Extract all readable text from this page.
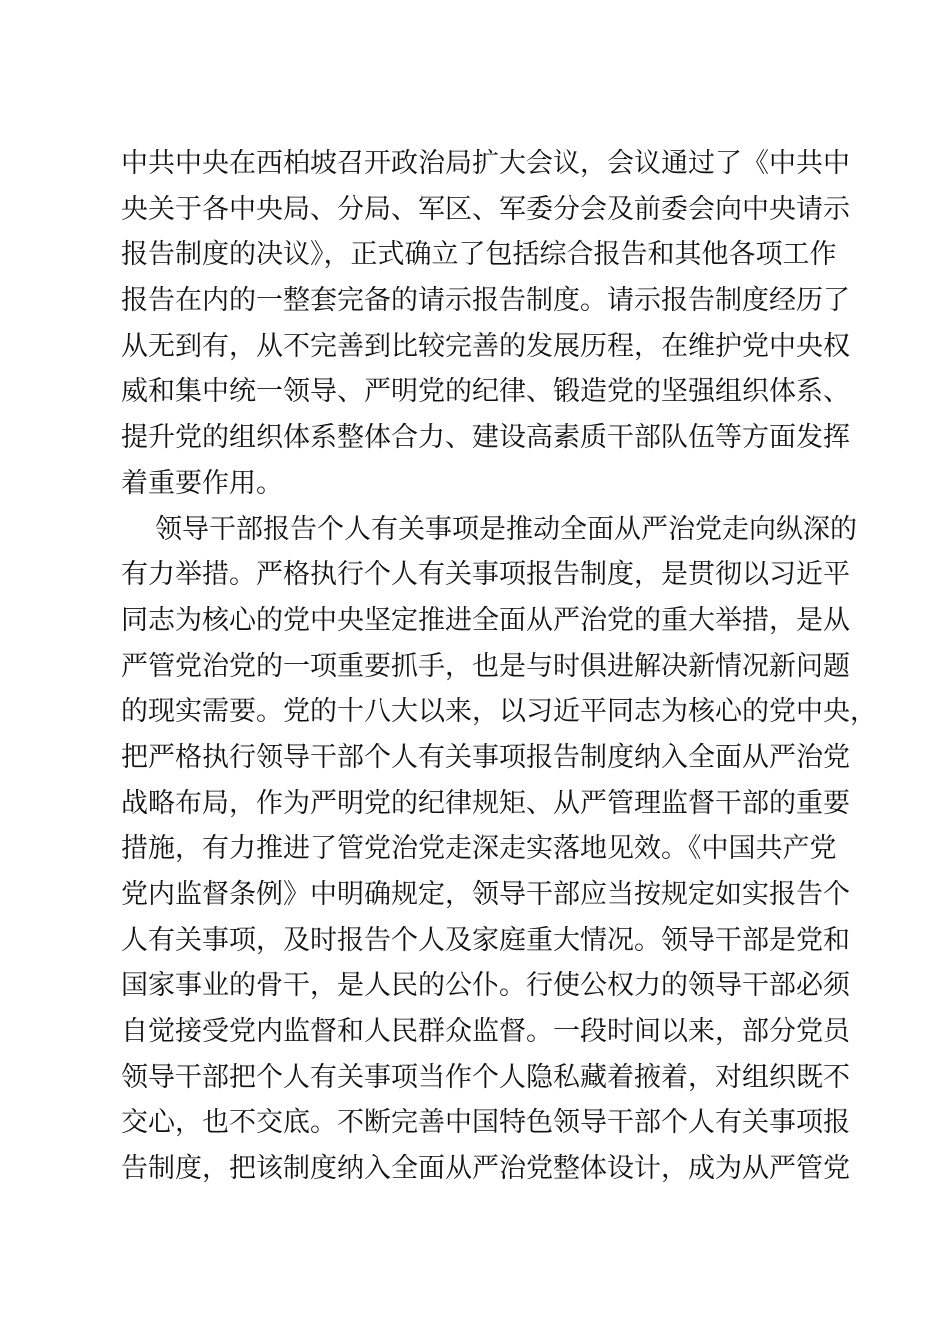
中共中央在西柏坡召开政治局扩大会议，会议通过了《中共中
央关于各中央局、分局、军区、军委分会及前委会向中央请示
报告制度的决议》，正式确立了包括综合报告和其他各项工作
报告在内的一整套完备的请示报告制度。请示报告制度经历了
从无到有，从不完善到比较完善的发展历程，在维护党中央权
威和集中统一领导、严明党的纪律、锻造党的坚强组织体系、
提升党的组织体系整体合力、建设高素质干部队伍等方面发挥
着重要作用。
领导干部报告个人有关事项是推动全面从严治党走向纵深的
有力举措。严格执行个人有关事项报告制度，是贯彻以习近平
同志为核心的党中央坚定推进全面从严治党的重大举措，是从
严管党治党的一项重要抓手，也是与时俱进解决新情况新问题
的现实需要。党的十八大以来，以习近平同志为核心的党中央，
把严格执行领导干部个人有关事项报告制度纳入全面从严治党
战略布局，作为严明党的纪律规矩、从严管理监督干部的重要
措施，有力推进了管党治党走深走实落地见效。《中国共产党
党内监督条例》中明确规定，领导干部应当按规定如实报告个
人有关事项，及时报告个人及家庭重大情况。领导干部是党和
国家事业的骨干，是人民的公仆。行使公权力的领导干部必须
自觉接受党内监督和人民群众监督。一段时间以来，部分党员
领导干部把个人有关事项当作个人隐私藏着掖着，对组织既不
交心，也不交底。不断完善中国特色领导干部个人有关事项报
告制度，把该制度纳入全面从严治党整体设计，成为从严管党
